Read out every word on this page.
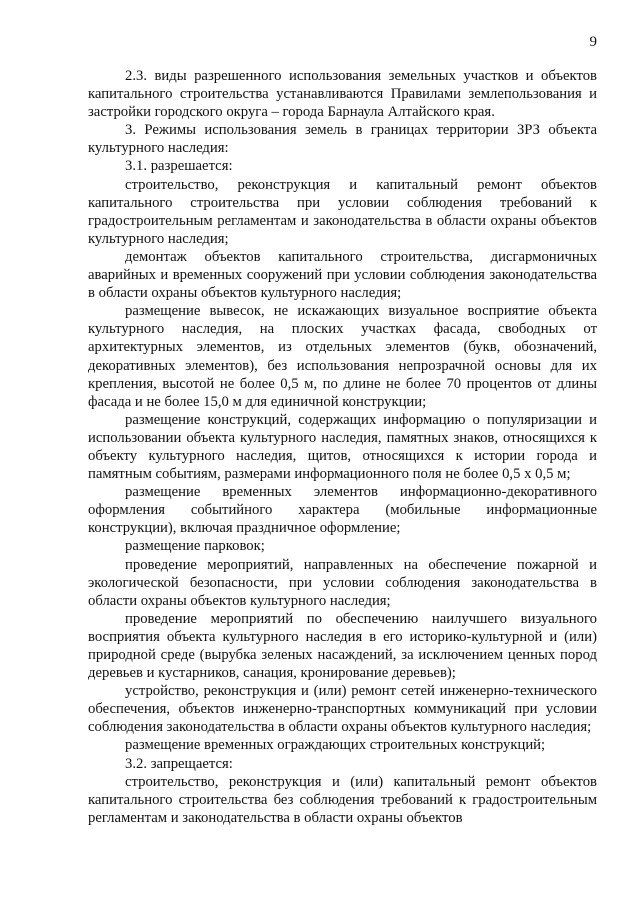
9

2.3. виды разрешенного использования земельных участков и объектов капитального строительства устанавливаются Правилами землепользования и застройки городского округа – города Барнаула Алтайского края.

3. Режимы использования земель в границах территории ЗРЗ объекта культурного наследия:

3.1. разрешается:

строительство, реконструкция и капитальный ремонт объектов капитального строительства при условии соблюдения требований к градостроительным регламентам и законодательства в области охраны объектов культурного наследия;

демонтаж объектов капитального строительства, дисгармоничных аварийных и временных сооружений при условии соблюдения законодательства в области охраны объектов культурного наследия;

размещение вывесок, не искажающих визуальное восприятие объекта культурного наследия, на плоских участках фасада, свободных от архитектурных элементов, из отдельных элементов (букв, обозначений, декоративных элементов), без использования непрозрачной основы для их крепления, высотой не более 0,5 м, по длине не более 70 процентов от длины фасада и не более 15,0 м для единичной конструкции;

размещение конструкций, содержащих информацию о популяризации и использовании объекта культурного наследия, памятных знаков, относящихся к объекту культурного наследия, щитов, относящихся к истории города и памятным событиям, размерами информационного поля не более 0,5 х 0,5 м;

размещение временных элементов информационно-декоративного оформления событийного характера (мобильные информационные конструкции), включая праздничное оформление;

размещение парковок;

проведение мероприятий, направленных на обеспечение пожарной и экологической безопасности, при условии соблюдения законодательства в области охраны объектов культурного наследия;

проведение мероприятий по обеспечению наилучшего визуального восприятия объекта культурного наследия в его историко-культурной и (или) природной среде (вырубка зеленых насаждений, за исключением ценных пород деревьев и кустарников, санация, кронирование деревьев);

устройство, реконструкция и (или) ремонт сетей инженерно-технического обеспечения, объектов инженерно-транспортных коммуникаций при условии соблюдения законодательства в области охраны объектов культурного наследия;

размещение временных ограждающих строительных конструкций;

3.2. запрещается:

строительство, реконструкция и (или) капитальный ремонт объектов капитального строительства без соблюдения требований к градостроительным регламентам и законодательства в области охраны объектов
